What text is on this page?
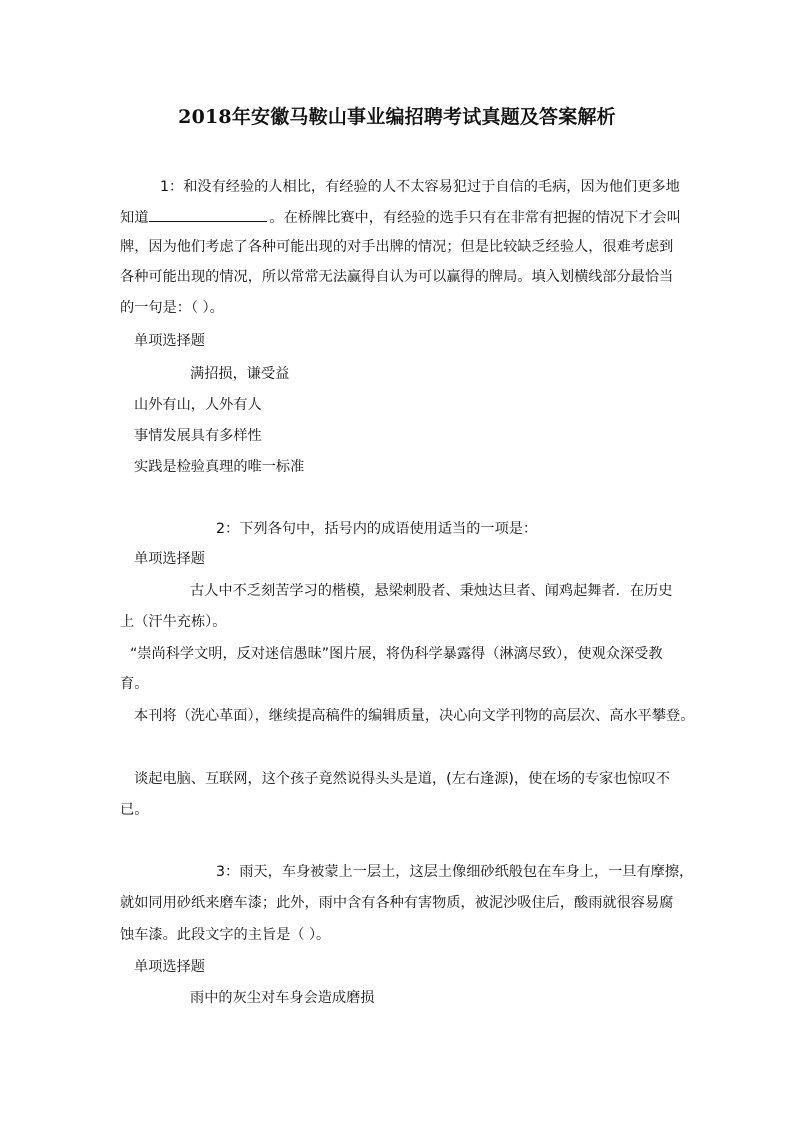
2018年安徽马鞍山事业编招聘考试真题及答案解析
1：和没有经验的人相比，有经验的人不太容易犯过于自信的毛病，因为他们更多地
知道	。在桥牌比赛中，有经验的选手只有在非常有把握的情况下才会叫
牌，因为他们考虑了各种可能出现的对手出牌的情况；但是比较缺乏经验人，很难考虑到
各种可能出现的情况，所以常常无法赢得自认为可以赢得的牌局。填入划横线部分最恰当
的一句是：（ ）。
单项选择题
满招损，谦受益
山外有山，人外有人
事情发展具有多样性
实践是检验真理的唯一标准
2：下列各句中，括号内的成语使用适当的一项是：
单项选择题
古人中不乏刻苦学习的楷模，悬梁刺股者、秉烛达旦者、闻鸡起舞者．在历史
上（汗牛充栋）。
“崇尚科学文明，反对迷信愚昧”图片展，将伪科学暴露得（淋漓尽致），使观众深受教
育。
本刊将（洗心革面），继续提高稿件的编辑质量，决心向文学刊物的高层次、高水平攀登。
谈起电脑、互联网，这个孩子竟然说得头头是道，(左右逢源)，使在场的专家也惊叹不
已。
3：雨天，车身被蒙上一层土，这层土像细砂纸般包在车身上，一旦有摩擦，
就如同用砂纸来磨车漆；此外，雨中含有各种有害物质，被泥沙吸住后，酸雨就很容易腐
蚀车漆。此段文字的主旨是（ ）。
单项选择题
雨中的灰尘对车身会造成磨损
